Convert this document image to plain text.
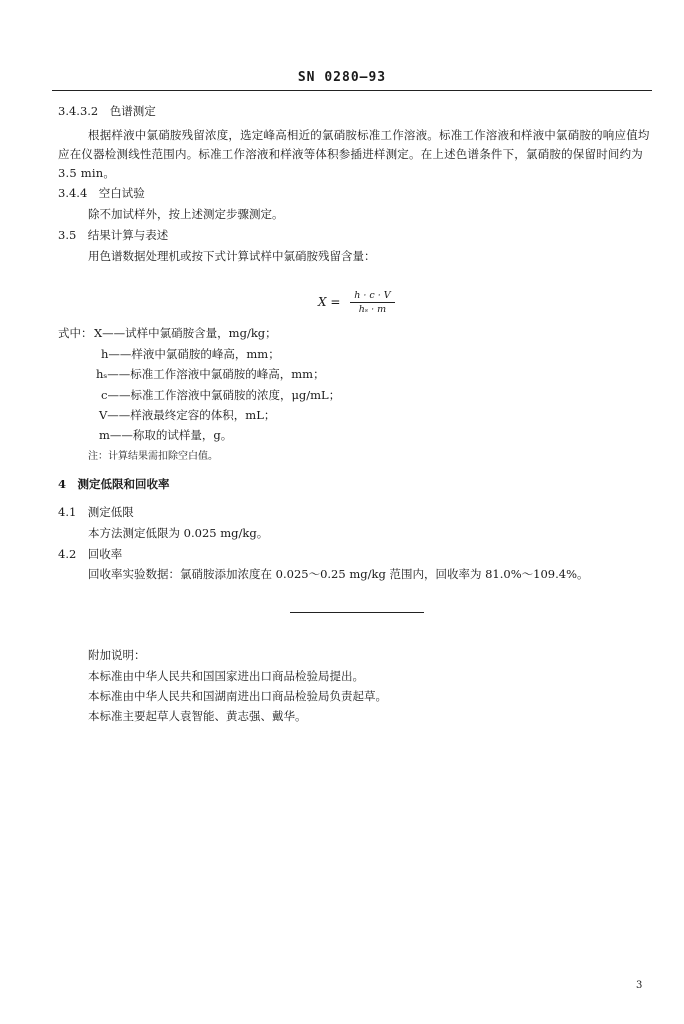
SN 0280—93
3.4.3.2　色谱测定
根据样液中氯硝胺残留浓度，选定峰高相近的氯硝胺标准工作溶液。标准工作溶液和样液中氯硝胺的响应值均应在仪器检测线性范围内。标准工作溶液和样液等体积参插进样测定。在上述色谱条件下，氯硝胺的保留时间约为 3.5 min。
3.4.4　空白试验
除不加试样外，按上述测定步骤测定。
3.5　结果计算与表述
用色谱数据处理机或按下式计算试样中氯硝胺残留含量：
$X = \frac{h \cdot c \cdot V}{\text{hₛ · m}}$
式中： X——试样中氯硝胺含量，mg/kg；
h——样液中氯硝胺的峰高，mm；
hₛ——标准工作溶液中氯硝胺的峰高，mm；
c——标准工作溶液中氯硝胺的浓度，μg/mL；
V——样液最终定容的体积，mL；
m——称取的试样量，g。
注：计算结果需扣除空白值。
4　测定低限和回收率
4.1　测定低限
本方法测定低限为 0.025 mg/kg。
4.2　回收率
回收率实验数据：氯硝胺添加浓度在 0.025～0.25 mg/kg 范围内，回收率为 81.0%～109.4%。
附加说明：
本标准由中华人民共和国国家进出口商品检验局提出。
本标准由中华人民共和国湖南进出口商品检验局负责起草。
本标准主要起草人袁智能、黄志强、戴华。
3
